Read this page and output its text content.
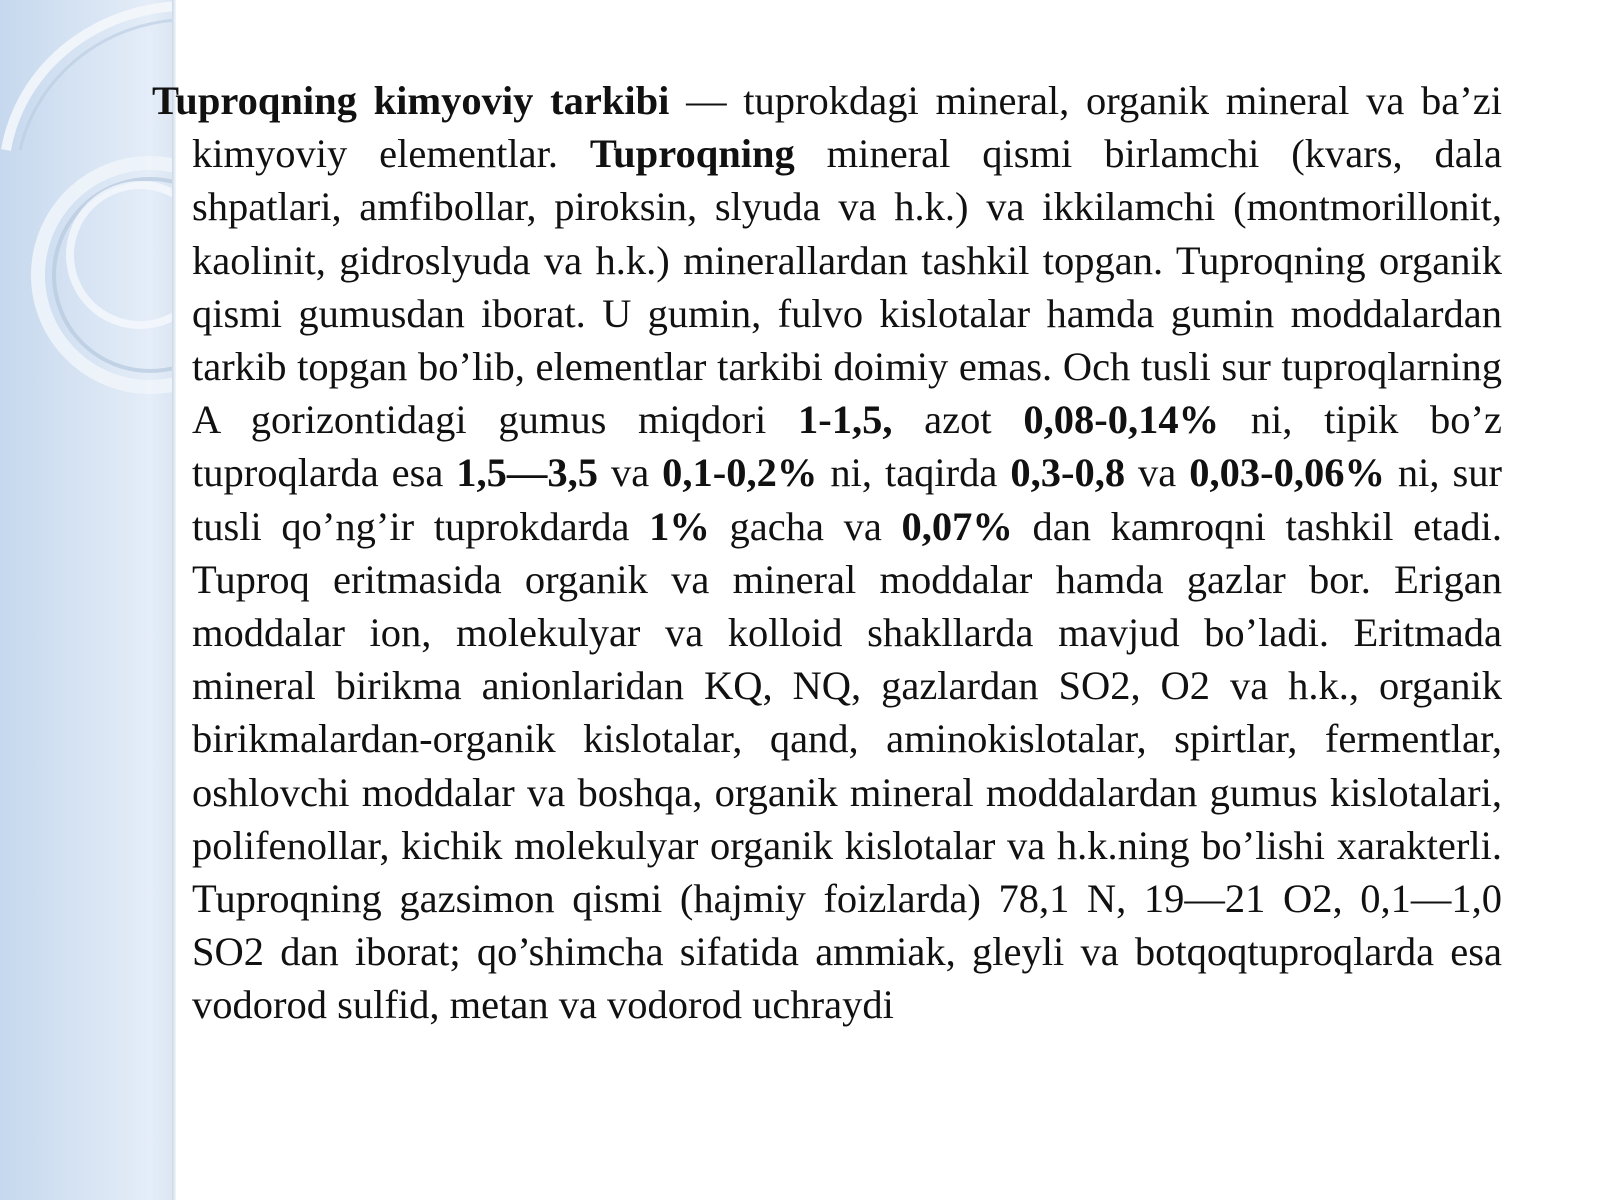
Tuproqning kimyoviy tarkibi — tuprokdagi mineral, organik mineral va ba’zi kimyoviy elementlar. Tuproqning mineral qismi birlamchi (kvars, dala shpatlari, amfibollar, piroksin, slyuda va h.k.) va ikkilamchi (montmorillonit, kaolinit, gidroslyuda va h.k.) minerallardan tashkil topgan. Tuproqning organik qismi gumusdan iborat. U gumin, fulvo kislotalar hamda gumin moddalardan tarkib topgan bo’lib, elementlar tarkibi doimiy emas. Och tusli sur tuproqlarning A gorizontidagi gumus miqdori 1-1,5, azot 0,08-0,14% ni, tipik bo’z tuproqlarda esa 1,5—3,5 va 0,1-0,2% ni, taqirda 0,3-0,8 va 0,03-0,06% ni, sur tusli qo’ng’ir tuprokdarda 1% gacha va 0,07% dan kamroqni tashkil etadi. Tuproq eritmasida organik va mineral moddalar hamda gazlar bor. Erigan moddalar ion, molekulyar va kolloid shakllarda mavjud bo’ladi. Eritmada mineral birikma anionlaridan KQ, NQ, gazlardan SO2, O2 va h.k., organik birikmalardan-organik kislotalar, qand, aminokislotalar, spirtlar, fermentlar, oshlovchi moddalar va boshqa, organik mineral moddalardan gumus kislotalari, polifenollar, kichik molekulyar organik kislotalar va h.k.ning bo’lishi xarakterli. Tuproqning gazsimon qismi (hajmiy foizlarda) 78,1 N, 19—21 O2, 0,1—1,0 SO2 dan iborat; qo’shimcha sifatida ammiak, gleyli va botqoqtuproqlarda esa vodorod sulfid, metan va vodorod uchraydi
